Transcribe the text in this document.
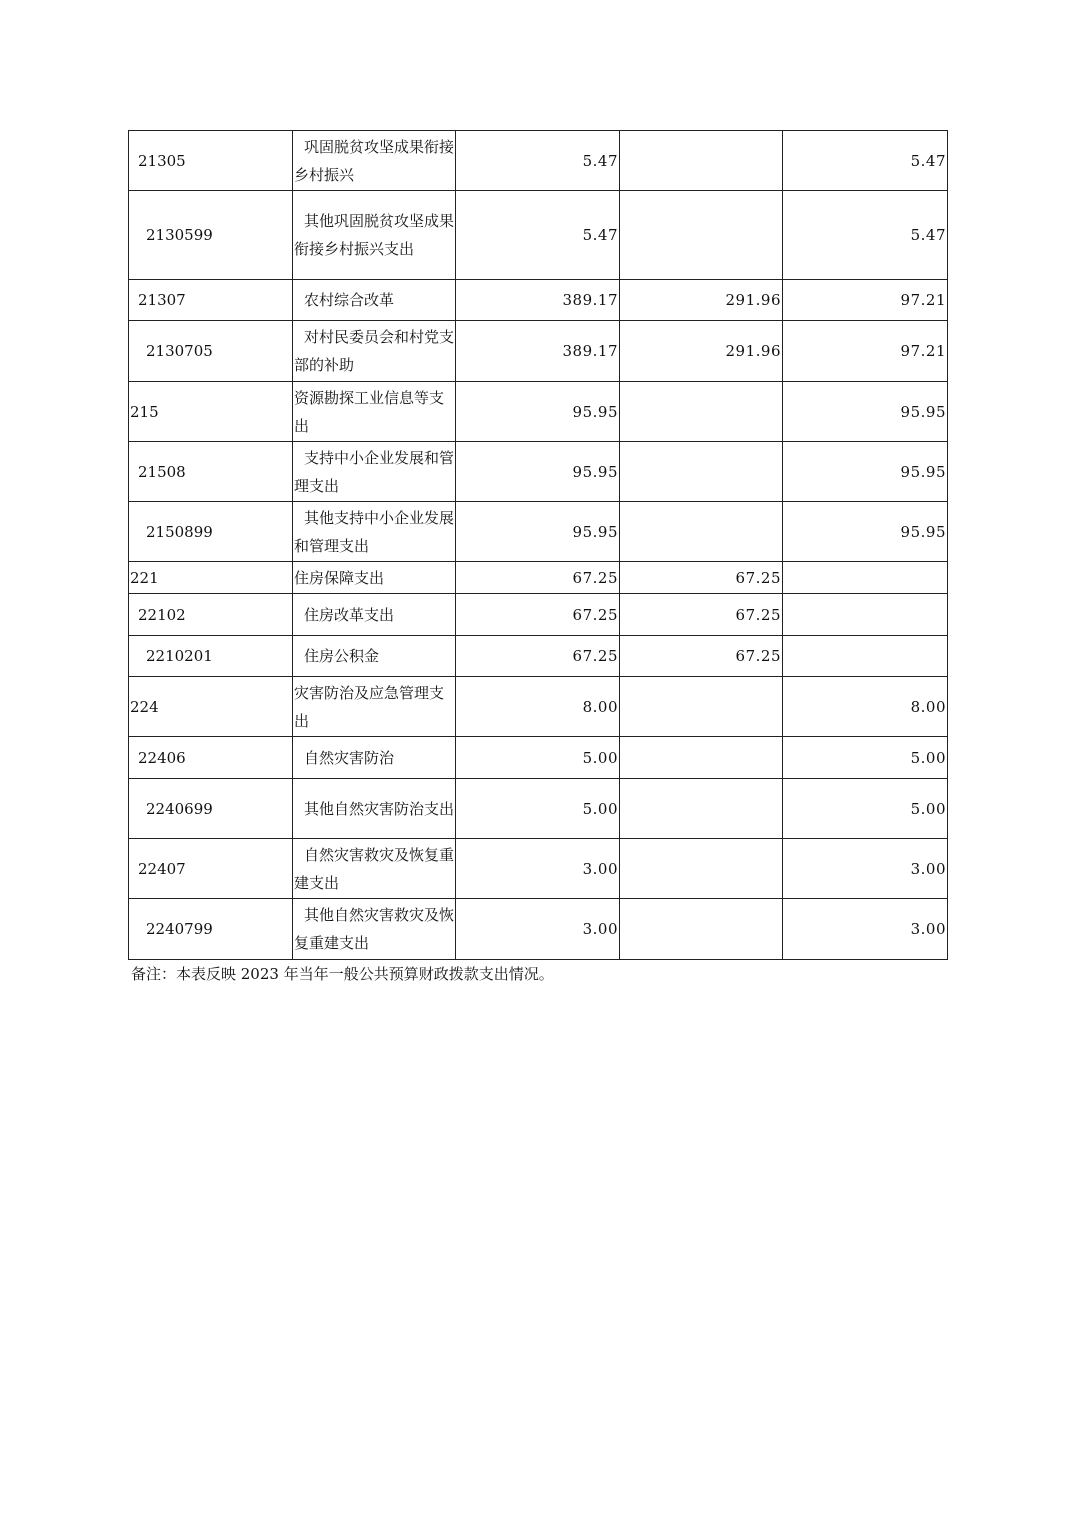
21305	巩固脱贫攻坚成果衔接乡村振兴	5.47		5.47
2130599	其他巩固脱贫攻坚成果衔接乡村振兴支出	5.47		5.47
21307	农村综合改革	389.17	291.96	97.21
2130705	对村民委员会和村党支部的补助	389.17	291.96	97.21
215	资源勘探工业信息等支出	95.95		95.95
21508	支持中小企业发展和管理支出	95.95		95.95
2150899	其他支持中小企业发展和管理支出	95.95		95.95
221	住房保障支出	67.25	67.25	
22102	住房改革支出	67.25	67.25	
2210201	住房公积金	67.25	67.25	
224	灾害防治及应急管理支出	8.00		8.00
22406	自然灾害防治	5.00		5.00
2240699	其他自然灾害防治支出	5.00		5.00
22407	自然灾害救灾及恢复重建支出	3.00		3.00
2240799	其他自然灾害救灾及恢复重建支出	3.00		3.00
备注：本表反映 2023 年当年一般公共预算财政拨款支出情况。
